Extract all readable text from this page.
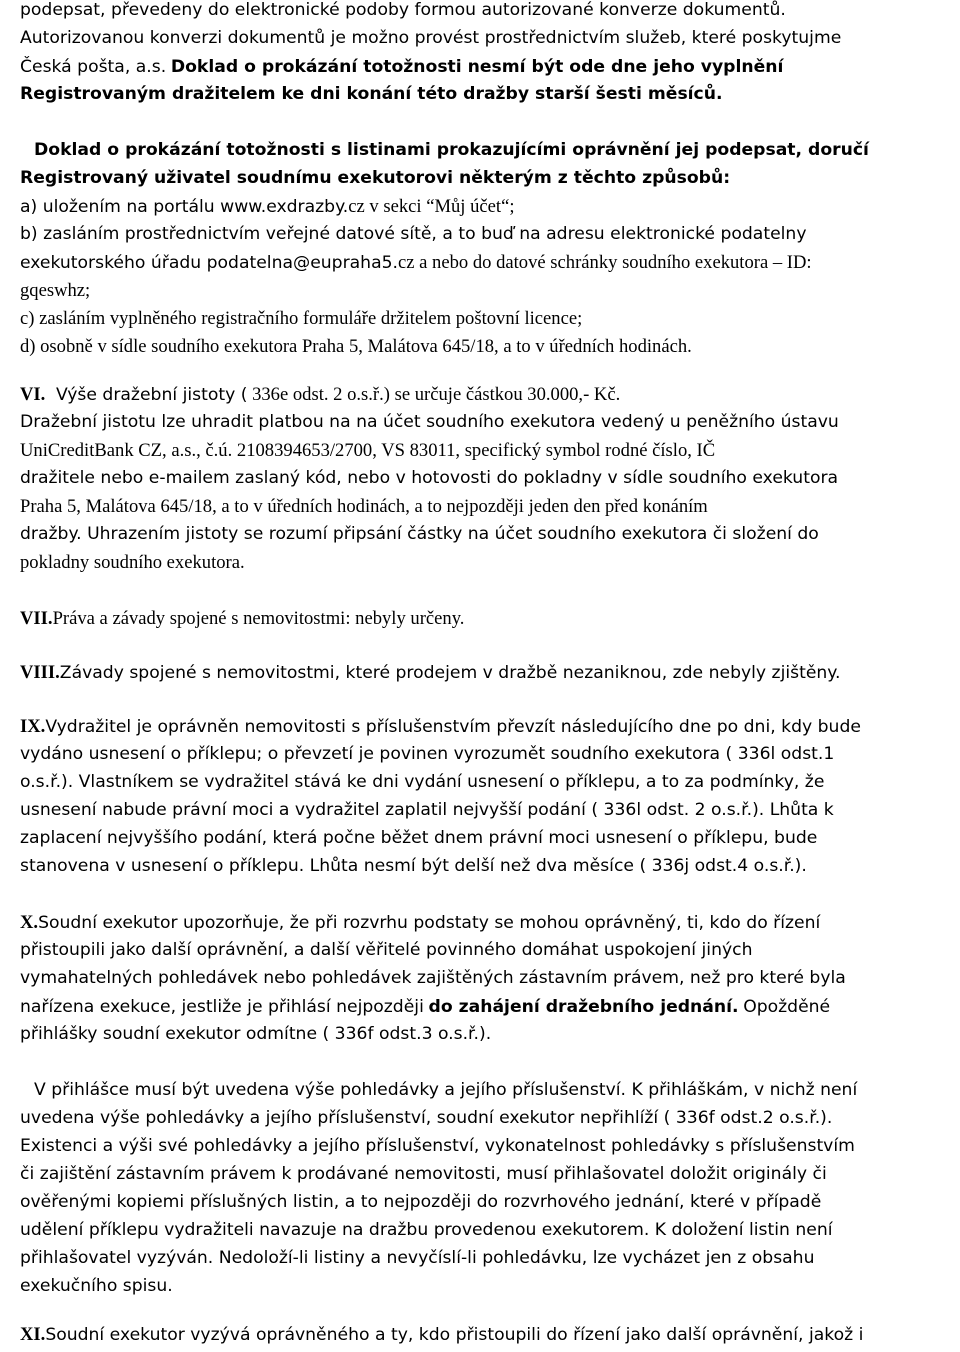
podepsat, převedeny do elektronické podoby formou autorizované konverze dokumentů.
Autorizovanou konverzi dokumentů je možno provést prostřednictvím služeb, které poskytujme
Česká pošta, a.s. Doklad o prokázání totožnosti nesmí být ode dne jeho vyplnění
Registrovaným dražitelem ke dni konání této dražby starší šesti měsíců.
Doklad o prokázání totožnosti s listinami prokazujícími oprávnění jej podepsat, doručí
Registrovaný uživatel soudnímu exekutorovi některým z těchto způsobů:
a) uložením na portálu www.exdrazby.cz v sekci “Můj účet“;
b) zasláním prostřednictvím veřejné datové sítě, a to buď na adresu elektronické podatelny
exekutorského úřadu podatelna@eupraha5.cz a nebo do datové schránky soudního exekutora – ID:
gqeswhz;
c) zasláním vyplněného registračního formuláře držitelem poštovní licence;
d) osobně v sídle soudního exekutora Praha 5, Malátova 645/18, a to v úředních hodinách.
VI. Výše dražební jistoty ( 336e odst. 2 o.s.ř.) se určuje částkou 30.000,- Kč.
Dražební jistotu lze uhradit platbou na na účet soudního exekutora vedený u peněžního ústavu
UniCreditBank CZ, a.s., č.ú. 2108394653/2700, VS 83011, specifický symbol rodné číslo, IČ
dražitele nebo e-mailem zaslaný kód, nebo v hotovosti do pokladny v sídle soudního exekutora
Praha 5, Malátova 645/18, a to v úředních hodinách, a to nejpozději jeden den před konáním
dražby. Uhrazením jistoty se rozumí připsání částky na účet soudního exekutora či složení do
pokladny soudního exekutora.
VII.Práva a závady spojené s nemovitostmi: nebyly určeny.
VIII.Závady spojené s nemovitostmi, které prodejem v dražbě nezaniknou, zde nebyly zjištěny.
IX.Vydražitel je oprávněn nemovitosti s příslušenstvím převzít následujícího dne po dni, kdy bude
vydáno usnesení o příklepu; o převzetí je povinen vyrozumět soudního exekutora ( 336l odst.1
o.s.ř.). Vlastníkem se vydražitel stává ke dni vydání usnesení o příklepu, a to za podmínky, že
usnesení nabude právní moci a vydražitel zaplatil nejvyšší podání ( 336l odst. 2 o.s.ř.). Lhůta k
zaplacení nejvyššího podání, která počne běžet dnem právní moci usnesení o příklepu, bude
stanovena v usnesení o příklepu. Lhůta nesmí být delší než dva měsíce ( 336j odst.4 o.s.ř.).
X.Soudní exekutor upozorňuje, že při rozvrhu podstaty se mohou oprávněný, ti, kdo do řízení
přistoupili jako další oprávnění, a další věřitelé povinného domáhat uspokojení jiných
vymahatelných pohledávek nebo pohledávek zajištěných zástavním právem, než pro které byla
nařízena exekuce, jestliže je přihlásí nejpozději do zahájení dražebního jednání. Opožděné
přihlášky soudní exekutor odmítne ( 336f odst.3 o.s.ř.).
V přihlášce musí být uvedena výše pohledávky a jejího příslušenství. K přihláškám, v nichž není
uvedena výše pohledávky a jejího příslušenství, soudní exekutor nepřihlíží ( 336f odst.2 o.s.ř.).
Existenci a výši své pohledávky a jejího příslušenství, vykonatelnost pohledávky s příslušenstvím
či zajištění zástavním právem k prodávané nemovitosti, musí přihlašovatel doložit originály či
ověřenými kopiemi příslušných listin, a to nejpozději do rozvrhového jednání, které v případě
udělení příklepu vydražiteli navazuje na dražbu provedenou exekutorem. K doložení listin není
přihlašovatel vyzýván. Nedoloží-li listiny a nevyčíslí-li pohledávku, lze vycházet jen z obsahu
exekučního spisu.
XI.Soudní exekutor vyzývá oprávněného a ty, kdo přistoupili do řízení jako další oprávnění, jakož i
